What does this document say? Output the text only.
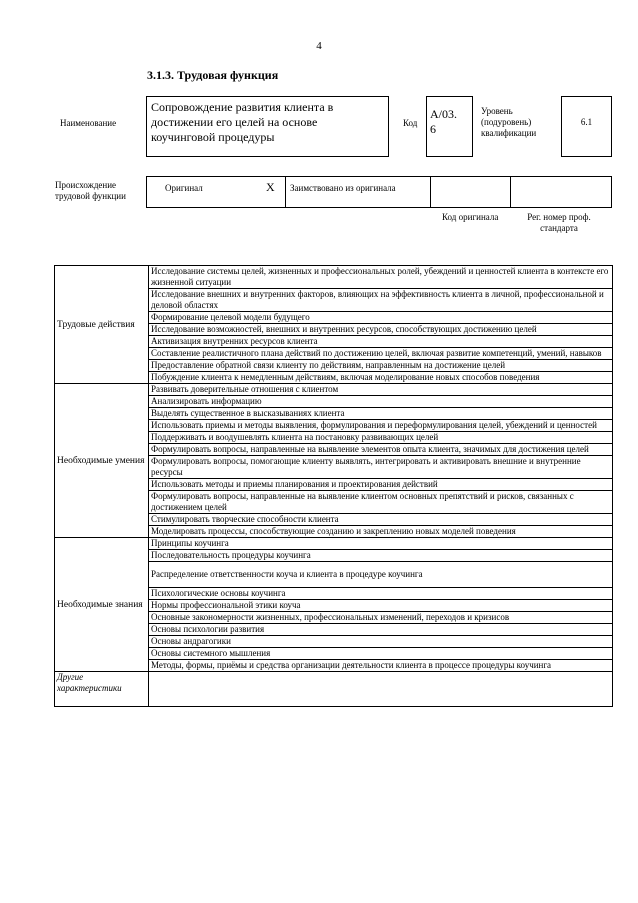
4
3.1.3. Трудовая функция
Наименование
Сопровождение развития клиента в достижении его целей на основе коучинговой процедуры
Код
А/03.
6
Уровень (подуровень) квалификации
6.1
Происхождение трудовой функции
Оригинал	X Заимствовано из оригинала
Код оригинала	Рег. номер проф. стандарта
Трудовые действия	Исследование системы целей, жизненных и профессиональных ролей, убеждений и ценностей клиента в контексте его жизненной ситуации
	Исследование внешних и внутренних факторов, влияющих на эффективность клиента в личной, профессиональной и деловой областях
	Формирование целевой модели будущего
	Исследование возможностей, внешних и внутренних ресурсов, способствующих достижению целей
	Активизация внутренних ресурсов клиента
	Составление реалистичного плана действий по достижению целей, включая развитие компетенций, умений, навыков
	Предоставление обратной связи клиенту по действиям, направленным на достижение целей
	Побуждение клиента к немедленным действиям, включая моделирование новых способов поведения
Необходимые умения	Развивать доверительные отношения с клиентом
	Анализировать информацию
	Выделять существенное в высказываниях клиента
	Использовать приемы и методы выявления, формулирования и переформулирования целей, убеждений и ценностей
	Поддерживать и воодушевлять клиента на постановку развивающих целей
	Формулировать вопросы, направленные на выявление элементов опыта клиента, значимых для достижения целей
	Формулировать вопросы, помогающие клиенту выявлять, интегрировать и активировать внешние и внутренние ресурсы
	Использовать методы и приемы планирования и проектирования действий
	Формулировать вопросы, направленные на выявление клиентом основных препятствий и рисков, связанных с достижением целей
	Стимулировать творческие способности клиента
	Моделировать процессы, способствующие созданию и закреплению новых моделей поведения
Необходимые знания	Принципы коучинга
	Последовательность процедуры коучинга
	Распределение ответственности коуча и клиента в процедуре коучинга
	Психологические основы коучинга
	Нормы профессиональной этики коуча
	Основные закономерности жизненных, профессиональных изменений, переходов и кризисов
	Основы психологии развития
	Основы андрагогики
	Основы системного мышления
	Методы, формы, приёмы и средства организации деятельности клиента в процессе процедуры коучинга
Другие характеристики	
